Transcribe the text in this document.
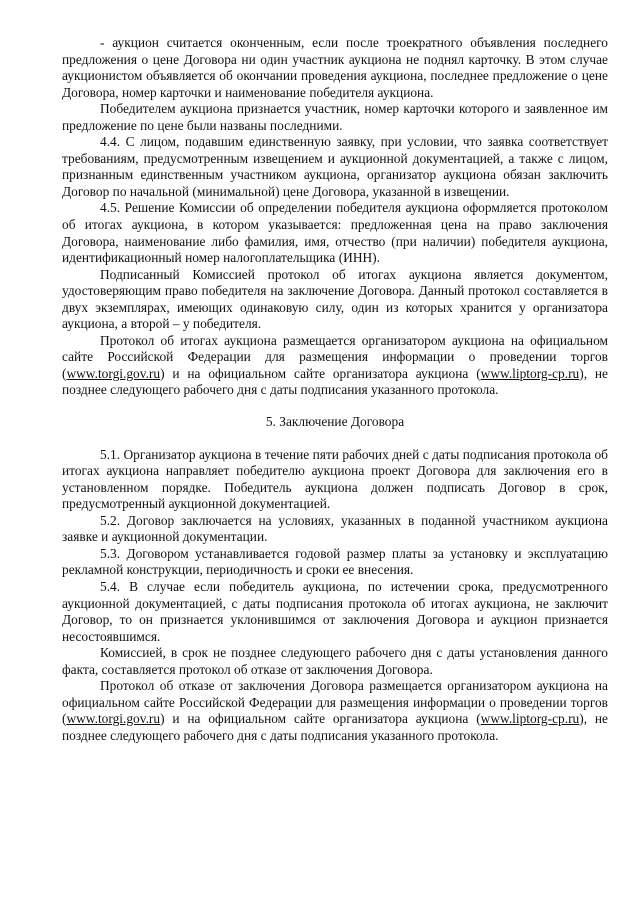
- аукцион считается оконченным, если после троекратного объявления последнего предложения о цене Договора ни один участник аукциона не поднял карточку. В этом случае аукционистом объявляется об окончании проведения аукциона, последнее предложение о цене Договора, номер карточки и наименование победителя аукциона.

Победителем аукциона признается участник, номер карточки которого и заявленное им предложение по цене были названы последними.

4.4. С лицом, подавшим единственную заявку, при условии, что заявка соответствует требованиям, предусмотренным извещением и аукционной документацией, а также с лицом, признанным единственным участником аукциона, организатор аукциона обязан заключить Договор по начальной (минимальной) цене Договора, указанной в извещении.

4.5. Решение Комиссии об определении победителя аукциона оформляется протоколом об итогах аукциона, в котором указывается: предложенная цена на право заключения Договора, наименование либо фамилия, имя, отчество (при наличии) победителя аукциона, идентификационный номер налогоплательщика (ИНН).

Подписанный Комиссией протокол об итогах аукциона является документом, удостоверяющим право победителя на заключение Договора. Данный протокол составляется в двух экземплярах, имеющих одинаковую силу, один из которых хранится у организатора аукциона, а второй – у победителя.

Протокол об итогах аукциона размещается организатором аукциона на официальном сайте Российской Федерации для размещения информации о проведении торгов (www.torgi.gov.ru) и на официальном сайте организатора аукциона (www.liptorg-cp.ru), не позднее следующего рабочего дня с даты подписания указанного протокола.

5. Заключение Договора

5.1. Организатор аукциона в течение пяти рабочих дней с даты подписания протокола об итогах аукциона направляет победителю аукциона проект Договора для заключения его в установленном порядке. Победитель аукциона должен подписать Договор в срок, предусмотренный аукционной документацией.

5.2. Договор заключается на условиях, указанных в поданной участником аукциона заявке и аукционной документации.

5.3. Договором устанавливается годовой размер платы за установку и эксплуатацию рекламной конструкции, периодичность и сроки ее внесения.

5.4. В случае если победитель аукциона, по истечении срока, предусмотренного аукционной документацией, с даты подписания протокола об итогах аукциона, не заключит Договор, то он признается уклонившимся от заключения Договора и аукцион признается несостоявшимся.

Комиссией, в срок не позднее следующего рабочего дня с даты установления данного факта, составляется протокол об отказе от заключения Договора.

Протокол об отказе от заключения Договора размещается организатором аукциона на официальном сайте Российской Федерации для размещения информации о проведении торгов (www.torgi.gov.ru) и на официальном сайте организатора аукциона (www.liptorg-cp.ru), не позднее следующего рабочего дня с даты подписания указанного протокола.
